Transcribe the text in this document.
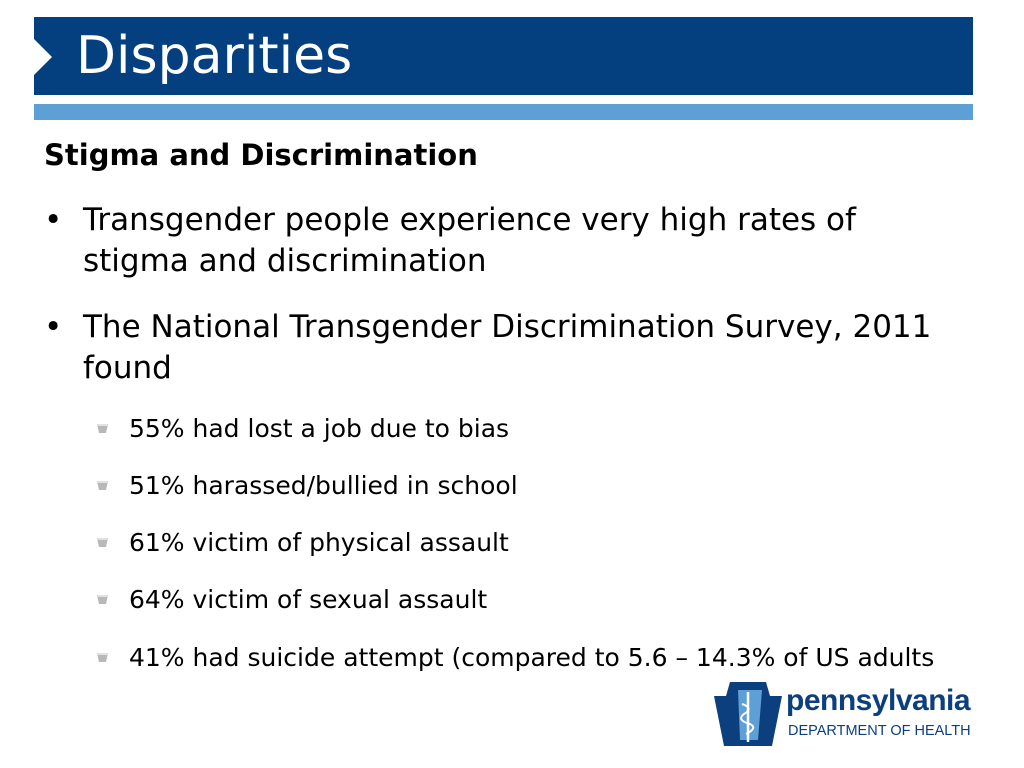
Disparities
Stigma and Discrimination
• Transgender people experience very high rates of stigma and discrimination
• The National Transgender Discrimination Survey, 2011 found
55% had lost a job due to bias
51% harassed/bullied in school
61% victim of physical assault
64% victim of sexual assault
41% had suicide attempt (compared to 5.6 – 14.3% of US adults
pennsylvania
DEPARTMENT OF HEALTH
